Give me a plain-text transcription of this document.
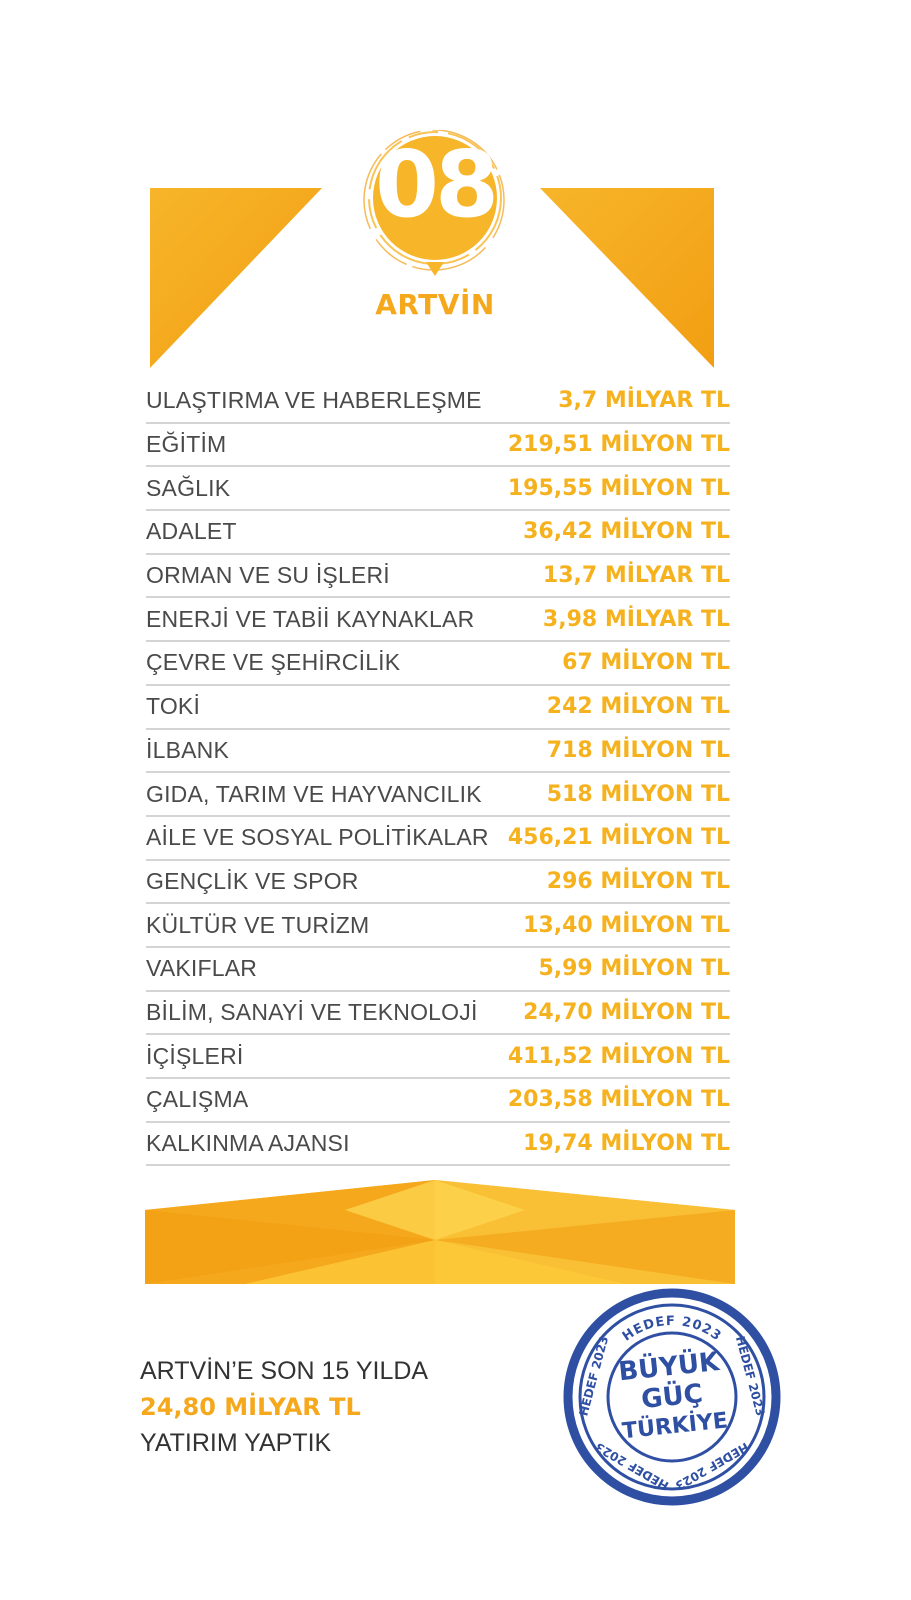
08
ARTVİN
ULAŞTIRMA VE HABERLEŞME	3,7 MİLYAR TL
EĞİTİM	219,51 MİLYON TL
SAĞLIK	195,55 MİLYON TL
ADALET	36,42 MİLYON TL
ORMAN VE SU İŞLERİ	13,7 MİLYAR TL
ENERJİ VE TABİİ KAYNAKLAR	3,98 MİLYAR TL
ÇEVRE VE ŞEHİRCİLİK	67 MİLYON TL
TOKİ	242 MİLYON TL
İLBANK	718 MİLYON TL
GIDA, TARIM VE HAYVANCILIK	518 MİLYON TL
AİLE VE SOSYAL POLİTİKALAR 456,21 MİLYON TL
GENÇLİK VE SPOR	296 MİLYON TL
KÜLTÜR VE TURİZM	13,40 MİLYON TL
VAKIFLAR	5,99 MİLYON TL
BİLİM, SANAYİ VE TEKNOLOJİ 24,70 MİLYON TL
İÇİŞLERİ	411,52 MİLYON TL
ÇALIŞMA	203,58 MİLYON TL
KALKINMA AJANSI	19,74 MİLYON TL
ARTVİN’E SON 15 YILDA
24,80 MİLYAR TL
YATIRIM YAPTIK
HEDEF 2023
HEDEF 2023	HEDEF 2023
HEDEF 2023
HEDEF 2023
BÜYÜK
GÜÇ
TÜRKİYE
